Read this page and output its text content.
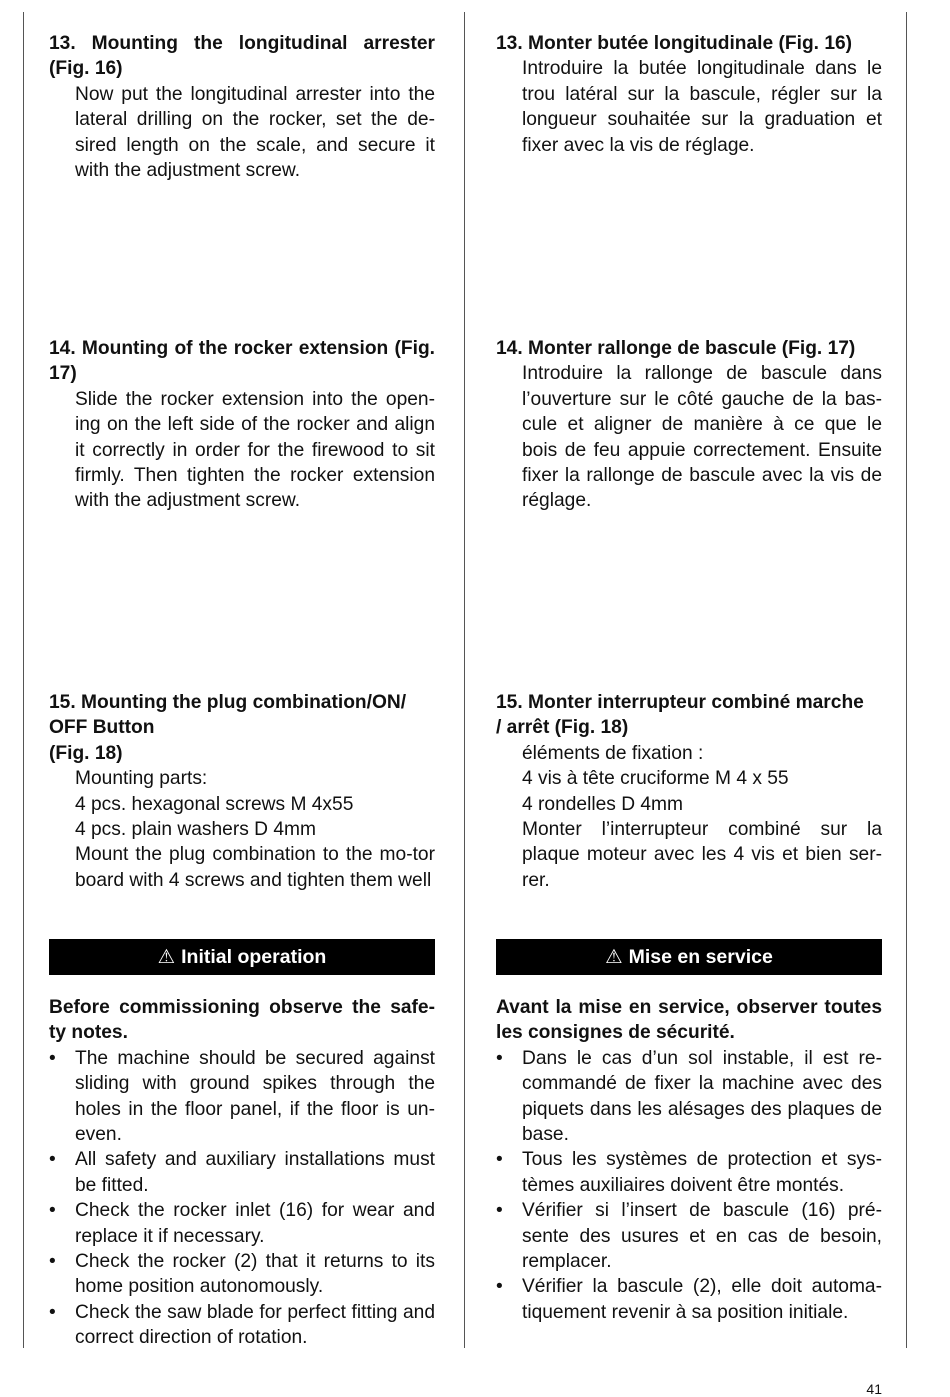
13. Mounting the longitudinal arrester (Fig. 16)
Now put the longitudinal arrester into the lateral drilling on the rocker, set the de-sired length on the scale, and secure it with the adjustment screw.
14. Mounting of the rocker extension (Fig. 17)
Slide the rocker extension into the open-ing on the left side of the rocker and align it correctly in order for the firewood to sit firmly. Then tighten the rocker extension with the adjustment screw.
15. Mounting the plug combination/ON/
OFF Button
(Fig. 18)
Mounting parts:
4 pcs. hexagonal screws M 4x55
4 pcs. plain washers D 4mm
Mount the plug combination to the mo-tor board with 4 screws and tighten them well
⚠ Initial operation
Before commissioning observe the safe-ty notes.
•	The machine should be secured against sliding with ground spikes through the holes in the floor panel, if the floor is un-even.
•	All safety and auxiliary installations must be fitted.
•	Check the rocker inlet (16) for wear and replace it if necessary.
•	Check the rocker (2) that it returns to its home position autonomously.
•	Check the saw blade for perfect fitting and correct direction of rotation.
13. Monter butée longitudinale (Fig. 16)
Introduire la butée longitudinale dans le trou latéral sur la bascule, régler sur la longueur souhaitée sur la graduation et fixer avec la vis de réglage.
14. Monter rallonge de bascule (Fig. 17)
Introduire la rallonge de bascule dans l’ouverture sur le côté gauche de la bas-cule et aligner de manière à ce que le bois de feu appuie correctement. Ensuite fixer la rallonge de bascule avec la vis de réglage.
15. Monter interrupteur combiné marche
/ arrêt (Fig. 18)
éléments de fixation :
4 vis à tête cruciforme M 4 x 55
4 rondelles D 4mm
Monter l’interrupteur combiné sur la plaque moteur avec les 4 vis et bien ser-rer.
⚠ Mise en service
Avant la mise en service, observer toutes les consignes de sécurité.
•	Dans le cas d’un sol instable, il est re-commandé de fixer la machine avec des piquets dans les alésages des plaques de base.
•	Tous les systèmes de protection et sys-tèmes auxiliaires doivent être montés.
•	Vérifier si l’insert de bascule (16) pré-sente des usures et en cas de besoin, remplacer.
•	Vérifier la bascule (2), elle doit automa-tiquement revenir à sa position initiale.
41
